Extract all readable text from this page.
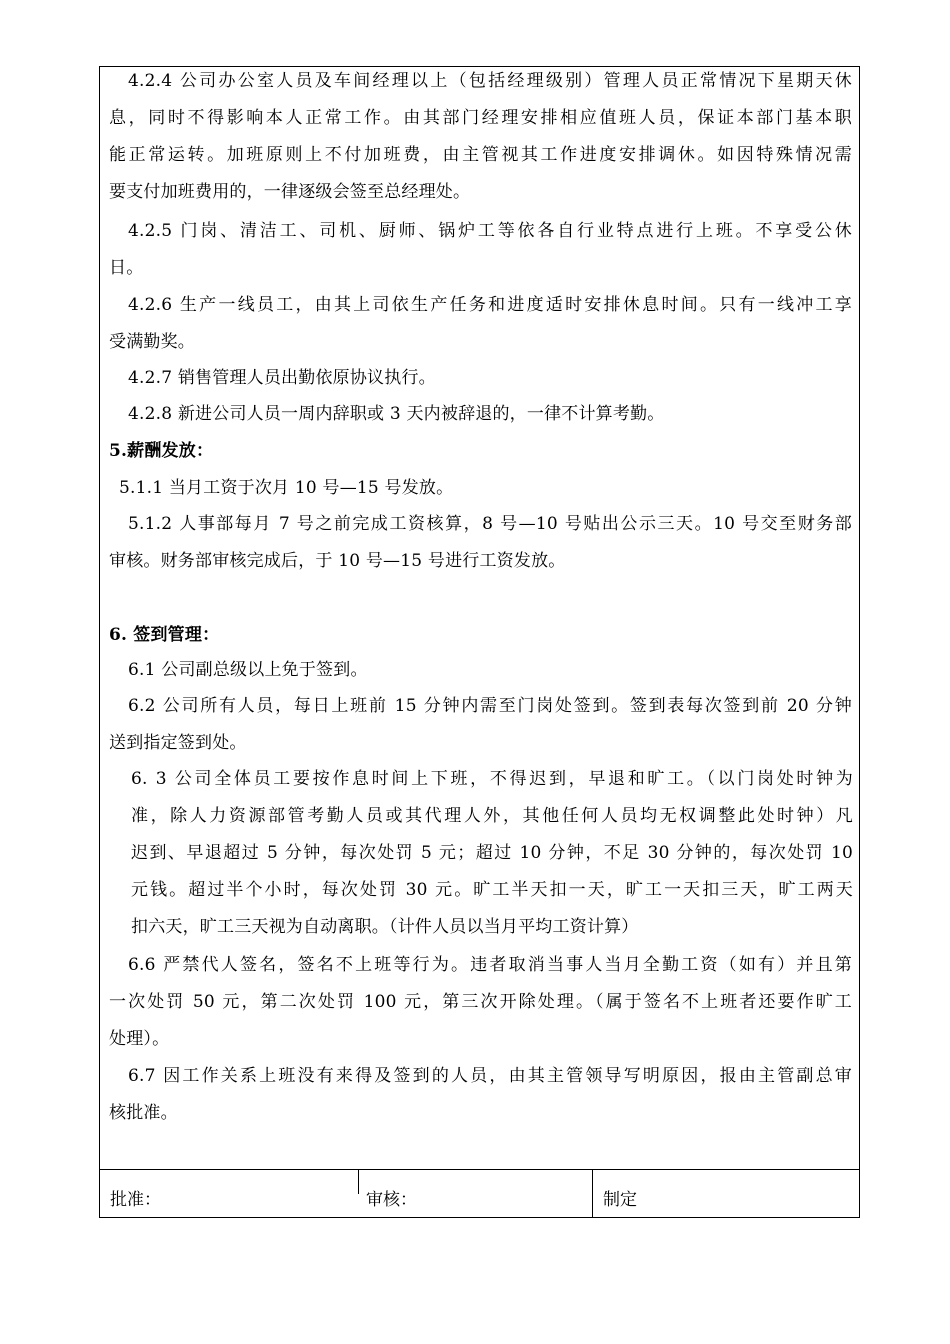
4.2.4 公司办公室人员及车间经理以上（包括经理级别）管理人员正常情况下星期天休
息，同时不得影响本人正常工作。由其部门经理安排相应值班人员，保证本部门基本职
能正常运转。加班原则上不付加班费，由主管视其工作进度安排调休。如因特殊情况需
要支付加班费用的，一律逐级会签至总经理处。
4.2.5 门岗、清洁工、司机、厨师、锅炉工等依各自行业特点进行上班。不享受公休
日。
4.2.6 生产一线员工，由其上司依生产任务和进度适时安排休息时间。只有一线冲工享
受满勤奖。
4.2.7 销售管理人员出勤依原协议执行。
4.2.8 新进公司人员一周内辞职或 3 天内被辞退的，一律不计算考勤。
5.薪酬发放：
5.1.1 当月工资于次月 10 号—15 号发放。
5.1.2 人事部每月 7 号之前完成工资核算，8 号—10 号贴出公示三天。10 号交至财务部
审核。财务部审核完成后，于 10 号—15 号进行工资发放。
6. 签到管理：
6.1 公司副总级以上免于签到。
6.2 公司所有人员，每日上班前 15 分钟内需至门岗处签到。签到表每次签到前 20 分钟
送到指定签到处。
6. 3 公司全体员工要按作息时间上下班，不得迟到，早退和旷工。（以门岗处时钟为
准，除人力资源部管考勤人员或其代理人外，其他任何人员均无权调整此处时钟）凡
迟到、早退超过 5 分钟，每次处罚 5 元；超过 10 分钟，不足 30 分钟的，每次处罚 10
元钱。超过半个小时，每次处罚 30 元。旷工半天扣一天，旷工一天扣三天，旷工两天
扣六天，旷工三天视为自动离职。（计件人员以当月平均工资计算）
6.6 严禁代人签名，签名不上班等行为。违者取消当事人当月全勤工资（如有）并且第
一次处罚 50 元，第二次处罚 100 元，第三次开除处理。（属于签名不上班者还要作旷工
处理）。
6.7 因工作关系上班没有来得及签到的人员，由其主管领导写明原因，报由主管副总审
核批准。
批准：	审核：	制定
